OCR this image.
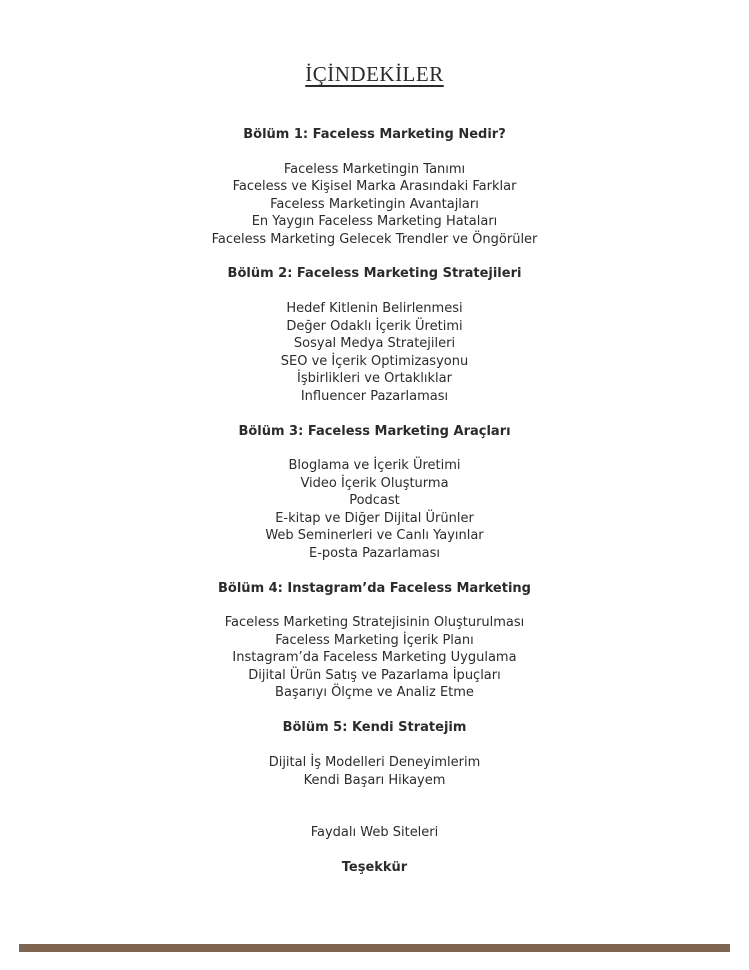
İÇİNDEKİLER
Bölüm 1: Faceless Marketing Nedir?
Faceless Marketingin Tanımı
Faceless ve Kişisel Marka Arasındaki Farklar
Faceless Marketingin Avantajları
En Yaygın Faceless Marketing Hataları
Faceless Marketing Gelecek Trendler ve Öngörüler
Bölüm 2: Faceless Marketing Stratejileri
Hedef Kitlenin Belirlenmesi
Değer Odaklı İçerik Üretimi
Sosyal Medya Stratejileri
SEO ve İçerik Optimizasyonu
İşbirlikleri ve Ortaklıklar
Influencer Pazarlaması
Bölüm 3: Faceless Marketing Araçları
Bloglama ve İçerik Üretimi
Video İçerik Oluşturma
Podcast
E-kitap ve Diğer Dijital Ürünler
Web Seminerleri ve Canlı Yayınlar
E-posta Pazarlaması
Bölüm 4: Instagram’da Faceless Marketing
Faceless Marketing Stratejisinin Oluşturulması
Faceless Marketing İçerik Planı
Instagram’da Faceless Marketing Uygulama
Dijital Ürün Satış ve Pazarlama İpuçları
Başarıyı Ölçme ve Analiz Etme
Bölüm 5: Kendi Stratejim
Dijital İş Modelleri Deneyimlerim
Kendi Başarı Hikayem
Faydalı Web Siteleri
Teşekkür
